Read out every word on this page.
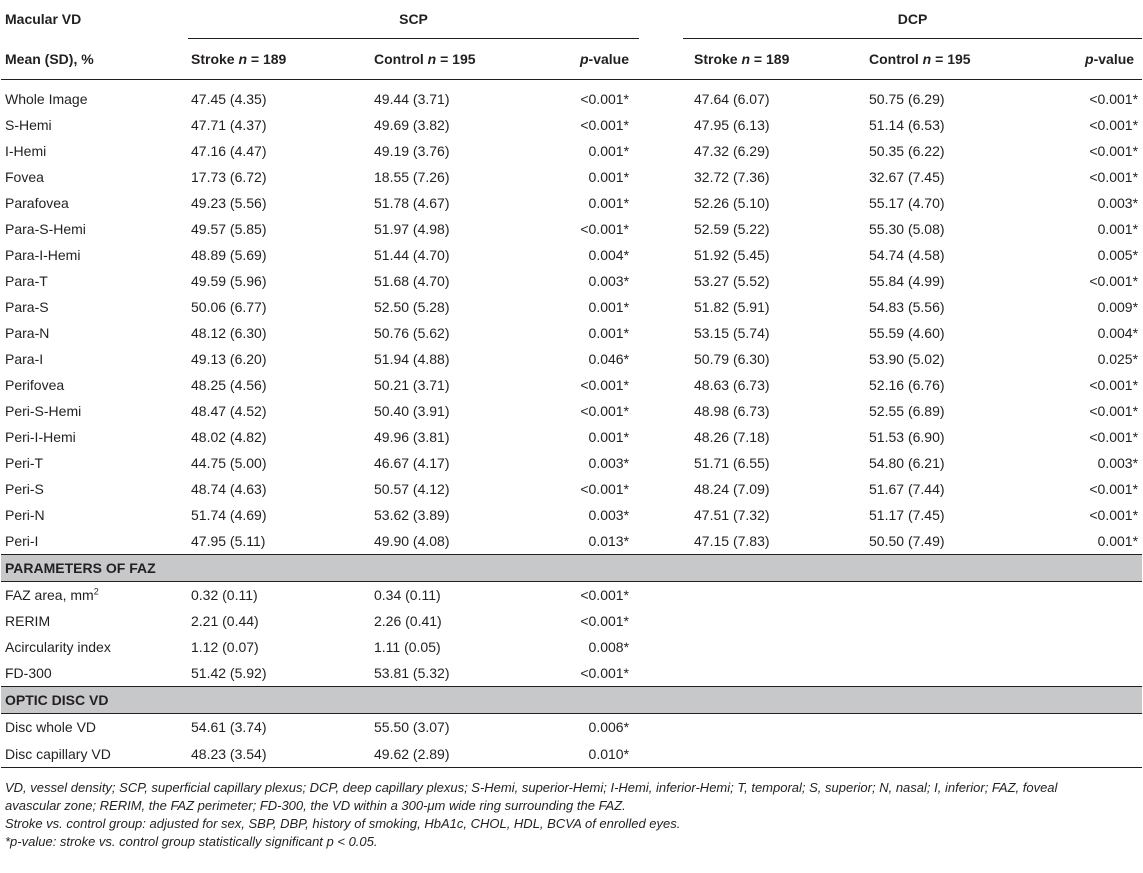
Macular VD	SCP				DCP		
Mean (SD), %	Stroke n = 189	Control n = 195	p-value		Stroke n = 189	Control n = 195	p-value
Whole Image	47.45 (4.35)	49.44 (3.71)	<0.001*		47.64 (6.07)	50.75 (6.29)	<0.001*
S-Hemi	47.71 (4.37)	49.69 (3.82)	<0.001*		47.95 (6.13)	51.14 (6.53)	<0.001*
I-Hemi	47.16 (4.47)	49.19 (3.76)	0.001*		47.32 (6.29)	50.35 (6.22)	<0.001*
Fovea	17.73 (6.72)	18.55 (7.26)	0.001*		32.72 (7.36)	32.67 (7.45)	<0.001*
Parafovea	49.23 (5.56)	51.78 (4.67)	0.001*		52.26 (5.10)	55.17 (4.70)	0.003*
Para-S-Hemi	49.57 (5.85)	51.97 (4.98)	<0.001*		52.59 (5.22)	55.30 (5.08)	0.001*
Para-I-Hemi	48.89 (5.69)	51.44 (4.70)	0.004*		51.92 (5.45)	54.74 (4.58)	0.005*
Para-T	49.59 (5.96)	51.68 (4.70)	0.003*		53.27 (5.52)	55.84 (4.99)	<0.001*
Para-S	50.06 (6.77)	52.50 (5.28)	0.001*		51.82 (5.91)	54.83 (5.56)	0.009*
Para-N	48.12 (6.30)	50.76 (5.62)	0.001*		53.15 (5.74)	55.59 (4.60)	0.004*
Para-I	49.13 (6.20)	51.94 (4.88)	0.046*		50.79 (6.30)	53.90 (5.02)	0.025*
Perifovea	48.25 (4.56)	50.21 (3.71)	<0.001*		48.63 (6.73)	52.16 (6.76)	<0.001*
Peri-S-Hemi	48.47 (4.52)	50.40 (3.91)	<0.001*		48.98 (6.73)	52.55 (6.89)	<0.001*
Peri-I-Hemi	48.02 (4.82)	49.96 (3.81)	0.001*		48.26 (7.18)	51.53 (6.90)	<0.001*
Peri-T	44.75 (5.00)	46.67 (4.17)	0.003*		51.71 (6.55)	54.80 (6.21)	0.003*
Peri-S	48.74 (4.63)	50.57 (4.12)	<0.001*		48.24 (7.09)	51.67 (7.44)	<0.001*
Peri-N	51.74 (4.69)	53.62 (3.89)	0.003*		47.51 (7.32)	51.17 (7.45)	<0.001*
Peri-I	47.95 (5.11)	49.90 (4.08)	0.013*		47.15 (7.83)	50.50 (7.49)	0.001*
PARAMETERS OF FAZ							
FAZ area, $mm^2$	0.32 (0.11)	0.34 (0.11)	<0.001*				
RERIM	2.21 (0.44)	2.26 (0.41)	<0.001*				
Acircularity index	1.12 (0.07)	1.11 (0.05)	0.008*				
FD-300	51.42 (5.92)	53.81 (5.32)	<0.001*				
OPTIC DISC VD							
Disc whole VD	54.61 (3.74)	55.50 (3.07)	0.006*				
Disc capillary VD	48.23 (3.54)	49.62 (2.89)	0.010*				

VD, vessel density; SCP, superficial capillary plexus; DCP, deep capillary plexus; S-Hemi, superior-Hemi; I-Hemi, inferior-Hemi; T, temporal; S, superior; N, nasal; I, inferior; FAZ, foveal
avascular zone; RERIM, the FAZ perimeter; FD-300, the VD within a 300-μm wide ring surrounding the FAZ.

Stroke vs. control group: adjusted for sex, SBP, DBP, history of smoking, HbA1c, CHOL, HDL, BCVA of enrolled eyes.

*p-value: stroke vs. control group statistically significant p < 0.05.
